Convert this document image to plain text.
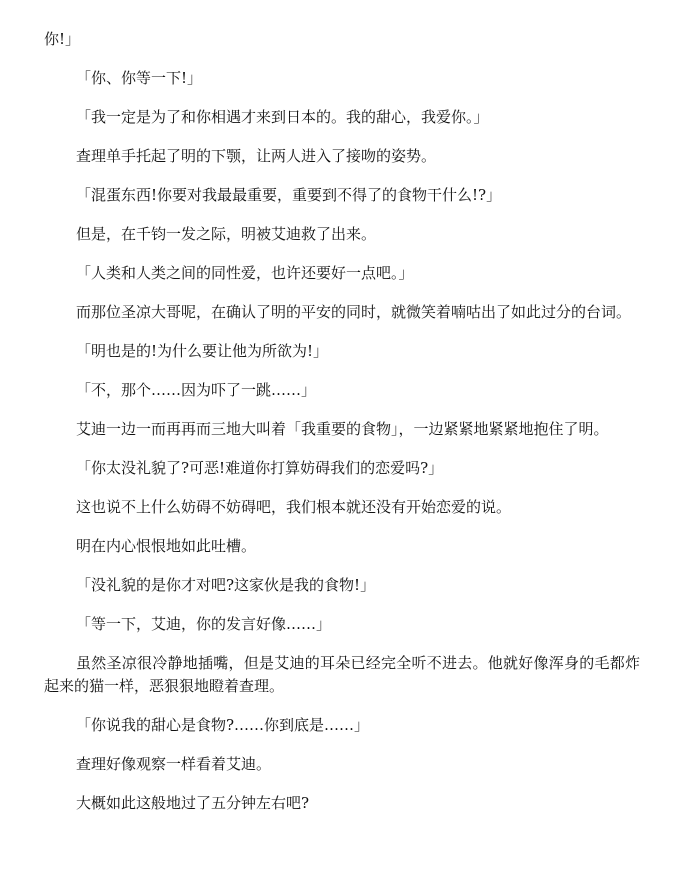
你!」

「你、你等一下!」

「我一定是为了和你相遇才来到日本的。我的甜心，我爱你。」

查理单手托起了明的下颚，让两人进入了接吻的姿势。

「混蛋东西!你要对我最最重要，重要到不得了的食物干什么!?」

但是，在千钧一发之际，明被艾迪救了出来。

「人类和人类之间的同性爱，也许还要好一点吧。」

而那位圣凉大哥呢，在确认了明的平安的同时，就微笑着喃咕出了如此过分的台词。

「明也是的!为什么要让他为所欲为!」

「不，那个……因为吓了一跳……」

艾迪一边一而再再而三地大叫着「我重要的食物」，一边紧紧地紧紧地抱住了明。

「你太没礼貌了?可恶!难道你打算妨碍我们的恋爱吗?」

这也说不上什么妨碍不妨碍吧，我们根本就还没有开始恋爱的说。

明在内心恨恨地如此吐槽。

「没礼貌的是你才对吧?这家伙是我的食物!」

「等一下，艾迪，你的发言好像……」

虽然圣凉很冷静地插嘴，但是艾迪的耳朵已经完全听不进去。他就好像浑身的毛都炸起来的猫一样，恶狠狠地瞪着查理。

「你说我的甜心是食物?……你到底是……」

查理好像观察一样看着艾迪。

大概如此这般地过了五分钟左右吧?
